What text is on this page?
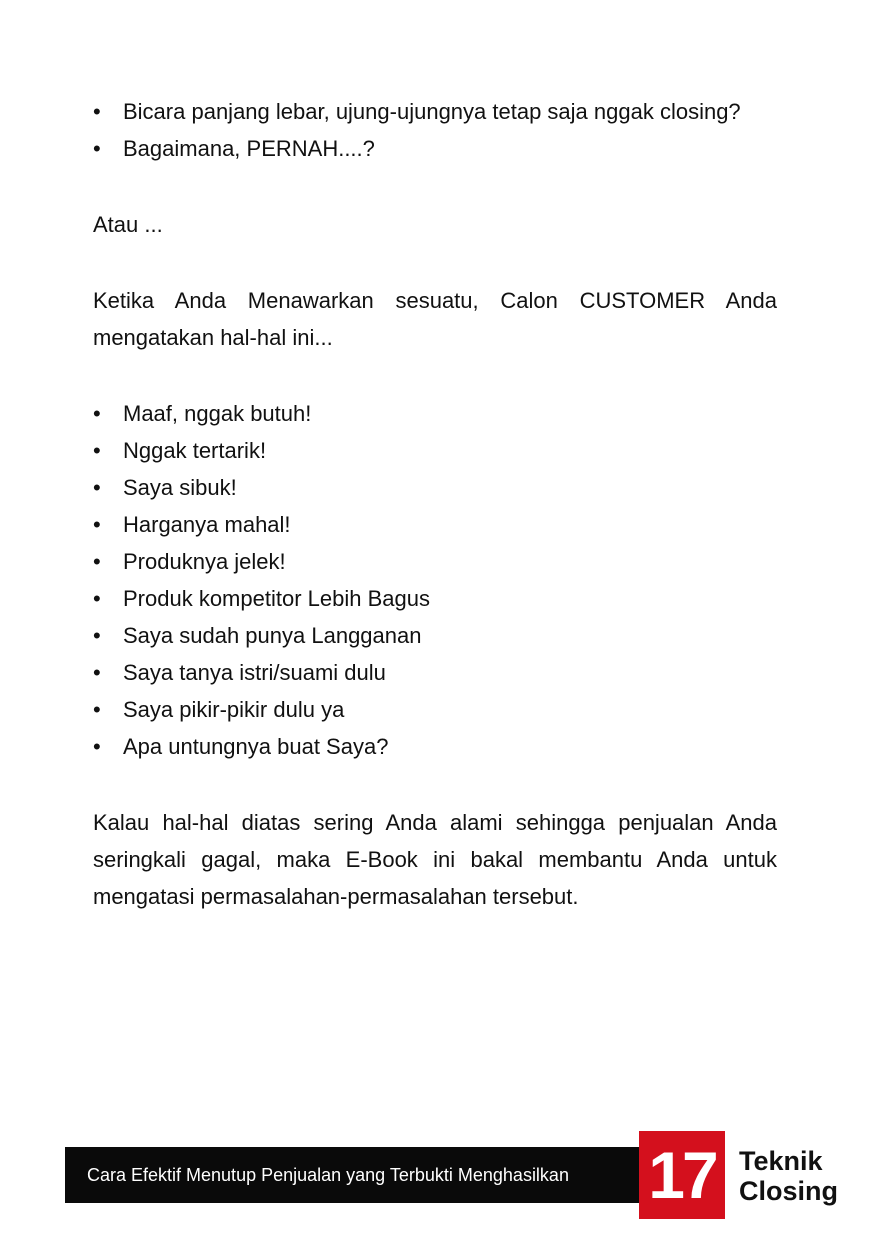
• Bicara panjang lebar, ujung-ujungnya tetap saja nggak closing?
• Bagaimana, PERNAH....?

Atau ...

Ketika Anda Menawarkan sesuatu, Calon CUSTOMER Anda mengatakan hal-hal ini...

• Maaf, nggak butuh!
• Nggak tertarik!
• Saya sibuk!
• Harganya mahal!
• Produknya jelek!
• Produk kompetitor Lebih Bagus
• Saya sudah punya Langganan
• Saya tanya istri/suami dulu
• Saya pikir-pikir dulu ya
• Apa untungnya buat Saya?

Kalau hal-hal diatas sering Anda alami sehingga penjualan Anda seringkali gagal, maka E-Book ini bakal membantu Anda untuk mengatasi permasalahan-permasalahan tersebut.

Cara Efektif Menutup Penjualan yang Terbukti Menghasilkan 17 Teknik
Closing
